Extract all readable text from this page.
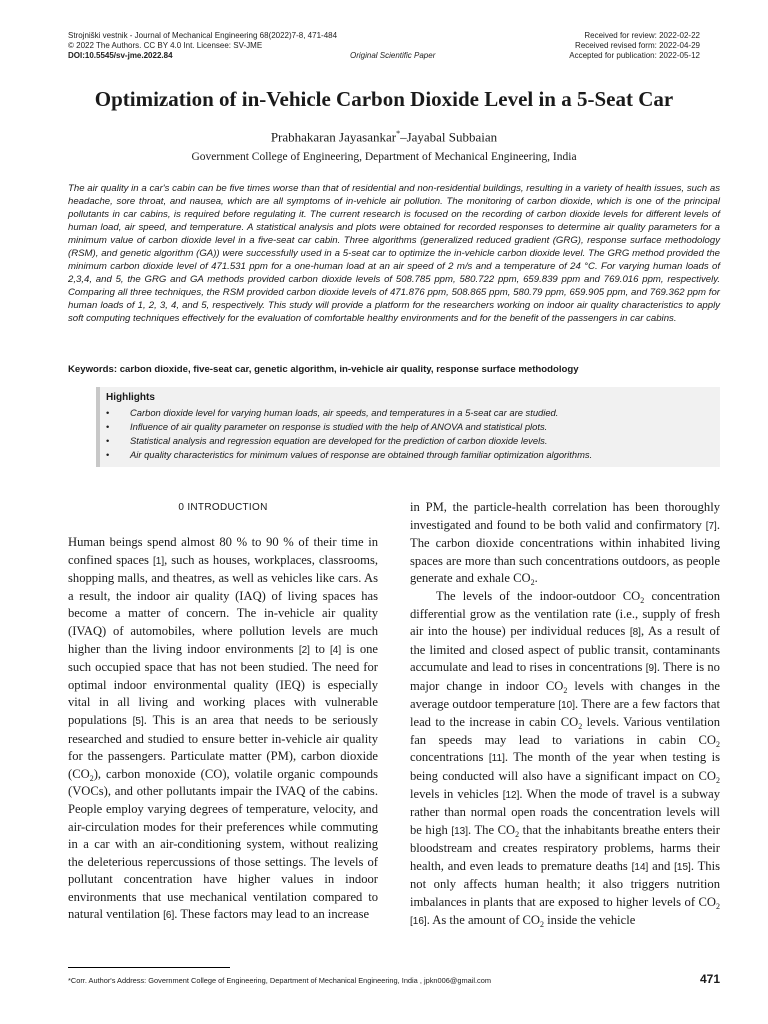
Strojniški vestnik - Journal of Mechanical Engineering 68(2022)7-8, 471-484
© 2022 The Authors. CC BY 4.0 Int. Licensee: SV-JME
DOI:10.5545/sv-jme.2022.84	Original Scientific Paper
Received for review: 2022-02-22
Received revised form: 2022-04-29
Accepted for publication: 2022-05-12
Optimization of in-Vehicle Carbon Dioxide Level in a 5-Seat Car
Prabhakaran Jayasankar*–Jayabal Subbaian
Government College of Engineering, Department of Mechanical Engineering, India

The air quality in a car's cabin can be five times worse than that of residential and non-residential buildings, resulting in a variety of health issues, such as headache, sore throat, and nausea, which are all symptoms of in-vehicle air pollution. The monitoring of carbon dioxide, which is one of the principal pollutants in car cabins, is required before regulating it. The current research is focused on the recording of carbon dioxide levels for different levels of human load, air speed, and temperature. A statistical analysis and plots were obtained for recorded responses to determine air quality parameters for a minimum value of carbon dioxide level in a five-seat car cabin. Three algorithms (generalized reduced gradient (GRG), response surface methodology (RSM), and genetic algorithm (GA)) were successfully used in a 5-seat car to optimize the in-vehicle carbon dioxide level. The GRG method provided the minimum carbon dioxide level of 471.531 ppm for a one-human load at an air speed of 2 m/s and a temperature of 24 °C. For varying human loads of 2,3,4, and 5, the GRG and GA methods provided carbon dioxide levels of 508.785 ppm, 580.722 ppm, 659.839 ppm and 769.016 ppm, respectively. Comparing all three techniques, the RSM provided carbon dioxide levels of 471.876 ppm, 508.865 ppm, 580.79 ppm, 659.905 ppm, and 769.362 ppm for human loads of 1, 2, 3, 4, and 5, respectively. This study will provide a platform for the researchers working on indoor air quality characteristics to apply soft computing techniques effectively for the evaluation of comfortable healthy environments and for the benefit of the passengers in car cabins.

Keywords: carbon dioxide, five-seat car, genetic algorithm, in-vehicle air quality, response surface methodology
Highlights
• Carbon dioxide level for varying human loads, air speeds, and temperatures in a 5-seat car are studied.
• Influence of air quality parameter on response is studied with the help of ANOVA and statistical plots.
• Statistical analysis and regression equation are developed for the prediction of carbon dioxide levels.
• Air quality characteristics for minimum values of response are obtained through familiar optimization algorithms.
0 INTRODUCTION

Human beings spend almost 80 % to 90 % of their time in confined spaces [1], such as houses, workplaces, classrooms, shopping malls, and theatres, as well as vehicles like cars. As a result, the indoor air quality (IAQ) of living spaces has become a matter of concern. The in-vehicle air quality (IVAQ) of automobiles, where pollution levels are much higher than the living indoor environments [2] to [4] is one such occupied space that has not been studied. The need for optimal indoor environmental quality (IEQ) is especially vital in all living and working places with vulnerable populations [5]. This is an area that needs to be seriously researched and studied to ensure better in-vehicle air quality for the passengers. Particulate matter (PM), carbon dioxide $(CO_2)$, carbon monoxide (CO), volatile organic compounds (VOCs), and other pollutants impair the IVAQ of the cabins. People employ varying degrees of temperature, velocity, and air-circulation modes for their preferences while commuting in a car with an air-conditioning system, without realizing the deleterious repercussions of those settings. The levels of pollutant concentration have higher values in indoor environments that use mechanical ventilation compared to natural ventilation [6]. These factors may lead to an increase

in PM, the particle-health correlation has been thoroughly investigated and found to be both valid and confirmatory [7]. The carbon dioxide concentrations within inhabited living spaces are more than such concentrations outdoors, as people generate and exhale $CO_2$.

The levels of the indoor-outdoor $CO_2$ concentration differential grow as the ventilation rate (i.e., supply of fresh air into the house) per individual reduces [8], As a result of the limited and closed aspect of public transit, contaminants accumulate and lead to rises in concentrations [9]. There is no major change in indoor $CO_2$ levels with changes in the average outdoor temperature [10]. There are a few factors that lead to the increase in cabin $CO_2$ levels. Various ventilation fan speeds may lead to variations in cabin $CO_2$ concentrations [11]. The month of the year when testing is being conducted will also have a significant impact on $CO_2$ levels in vehicles [12]. When the mode of travel is a subway rather than normal open roads the concentration levels will be high [13]. The $CO_2$ that the inhabitants breathe enters their bloodstream and creates respiratory problems, harms their health, and even leads to premature deaths [14] and [15]. This not only affects human health; it also triggers nutrition imbalances in plants that are exposed to higher levels of $CO_2$ [16]. As the amount of $CO_2$ inside the vehicle

*Corr. Author's Address: Government College of Engineering, Department of Mechanical Engineering, India , jpkn006@gmail.com	471
